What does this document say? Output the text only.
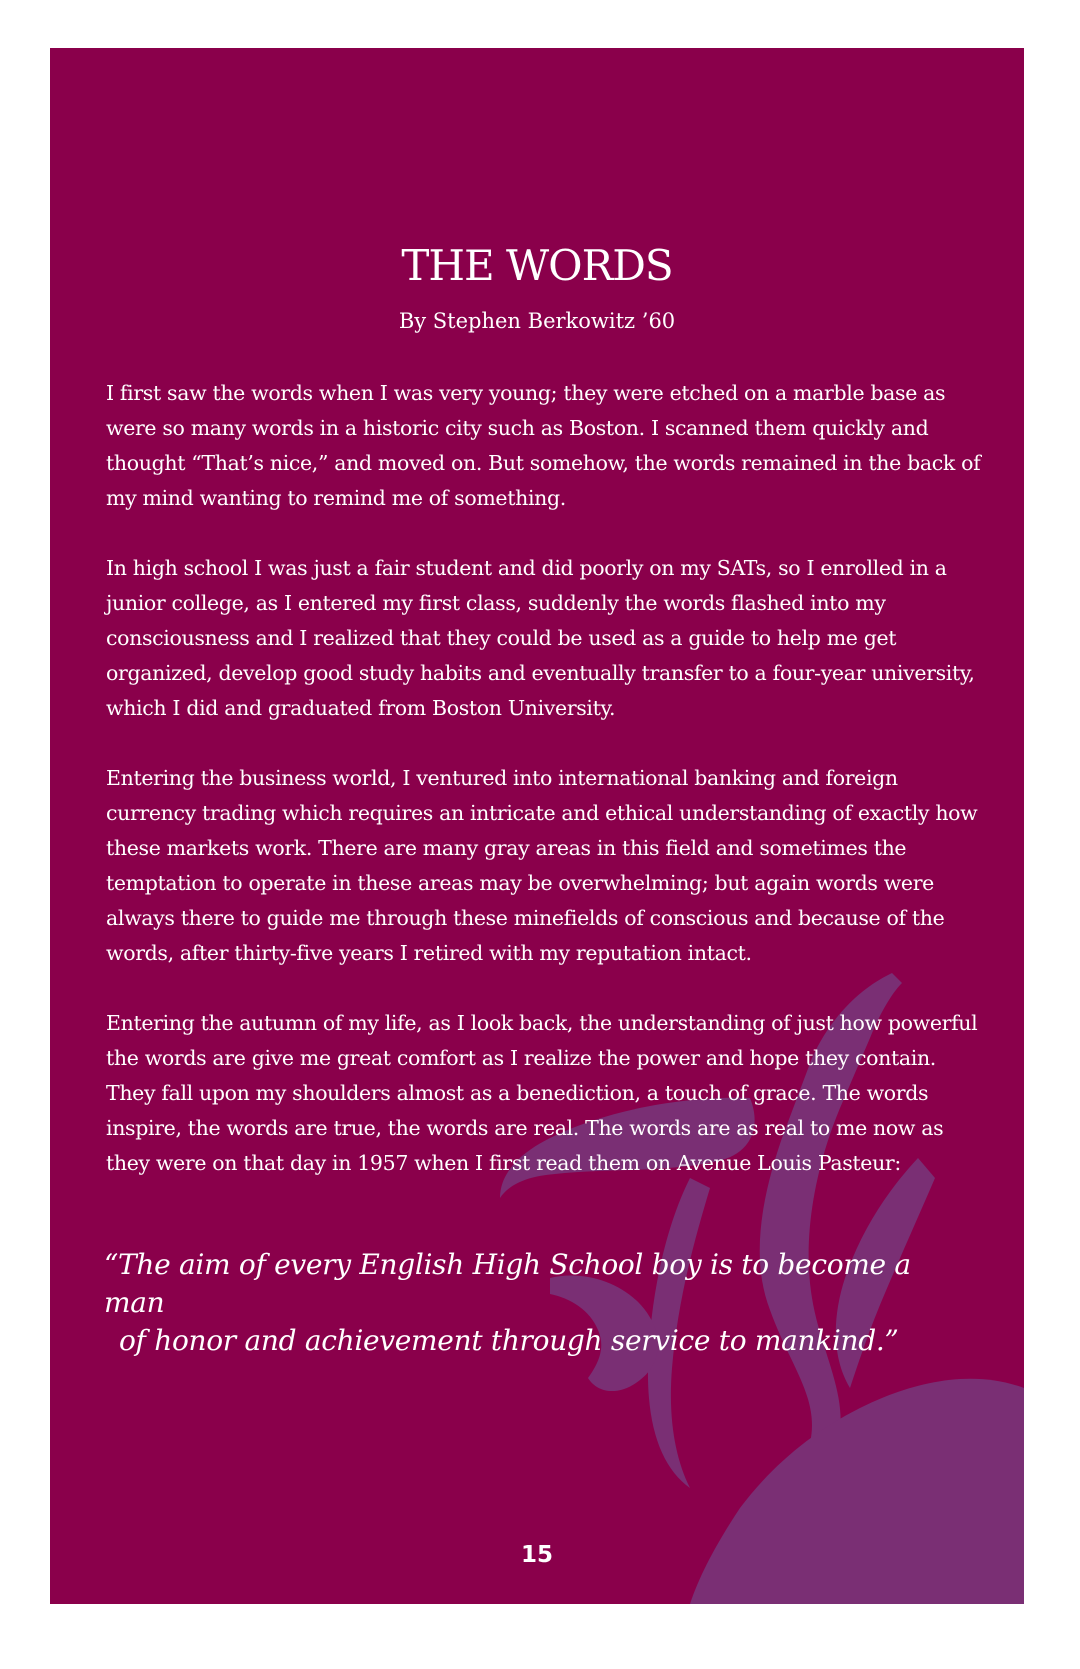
THE WORDS
By Stephen Berkowitz ’60

I first saw the words when I was very young; they were etched on a marble base as were so many words in a historic city such as Boston. I scanned them quickly and thought “That’s nice,” and moved on. But somehow, the words remained in the back of my mind wanting to remind me of something.

In high school I was just a fair student and did poorly on my SATs, so I enrolled in a junior college, as I entered my first class, suddenly the words flashed into my consciousness and I realized that they could be used as a guide to help me get organized, develop good study habits and eventually transfer to a four-year university, which I did and graduated from Boston University.

Entering the business world, I ventured into international banking and foreign currency trading which requires an intricate and ethical understanding of exactly how these markets work. There are many gray areas in this field and sometimes the temptation to operate in these areas may be overwhelming; but again words were always there to guide me through these minefields of conscious and because of the words, after thirty-five years I retired with my reputation intact.

Entering the autumn of my life, as I look back, the understanding of just how powerful the words are give me great comfort as I realize the power and hope they contain. They fall upon my shoulders almost as a benediction, a touch of grace. The words inspire, the words are true, the words are real. The words are as real to me now as they were on that day in 1957 when I first read them on Avenue Louis Pasteur:

“The aim of every English High School boy is to become a man
of honor and achievement through service to mankind.”
15
